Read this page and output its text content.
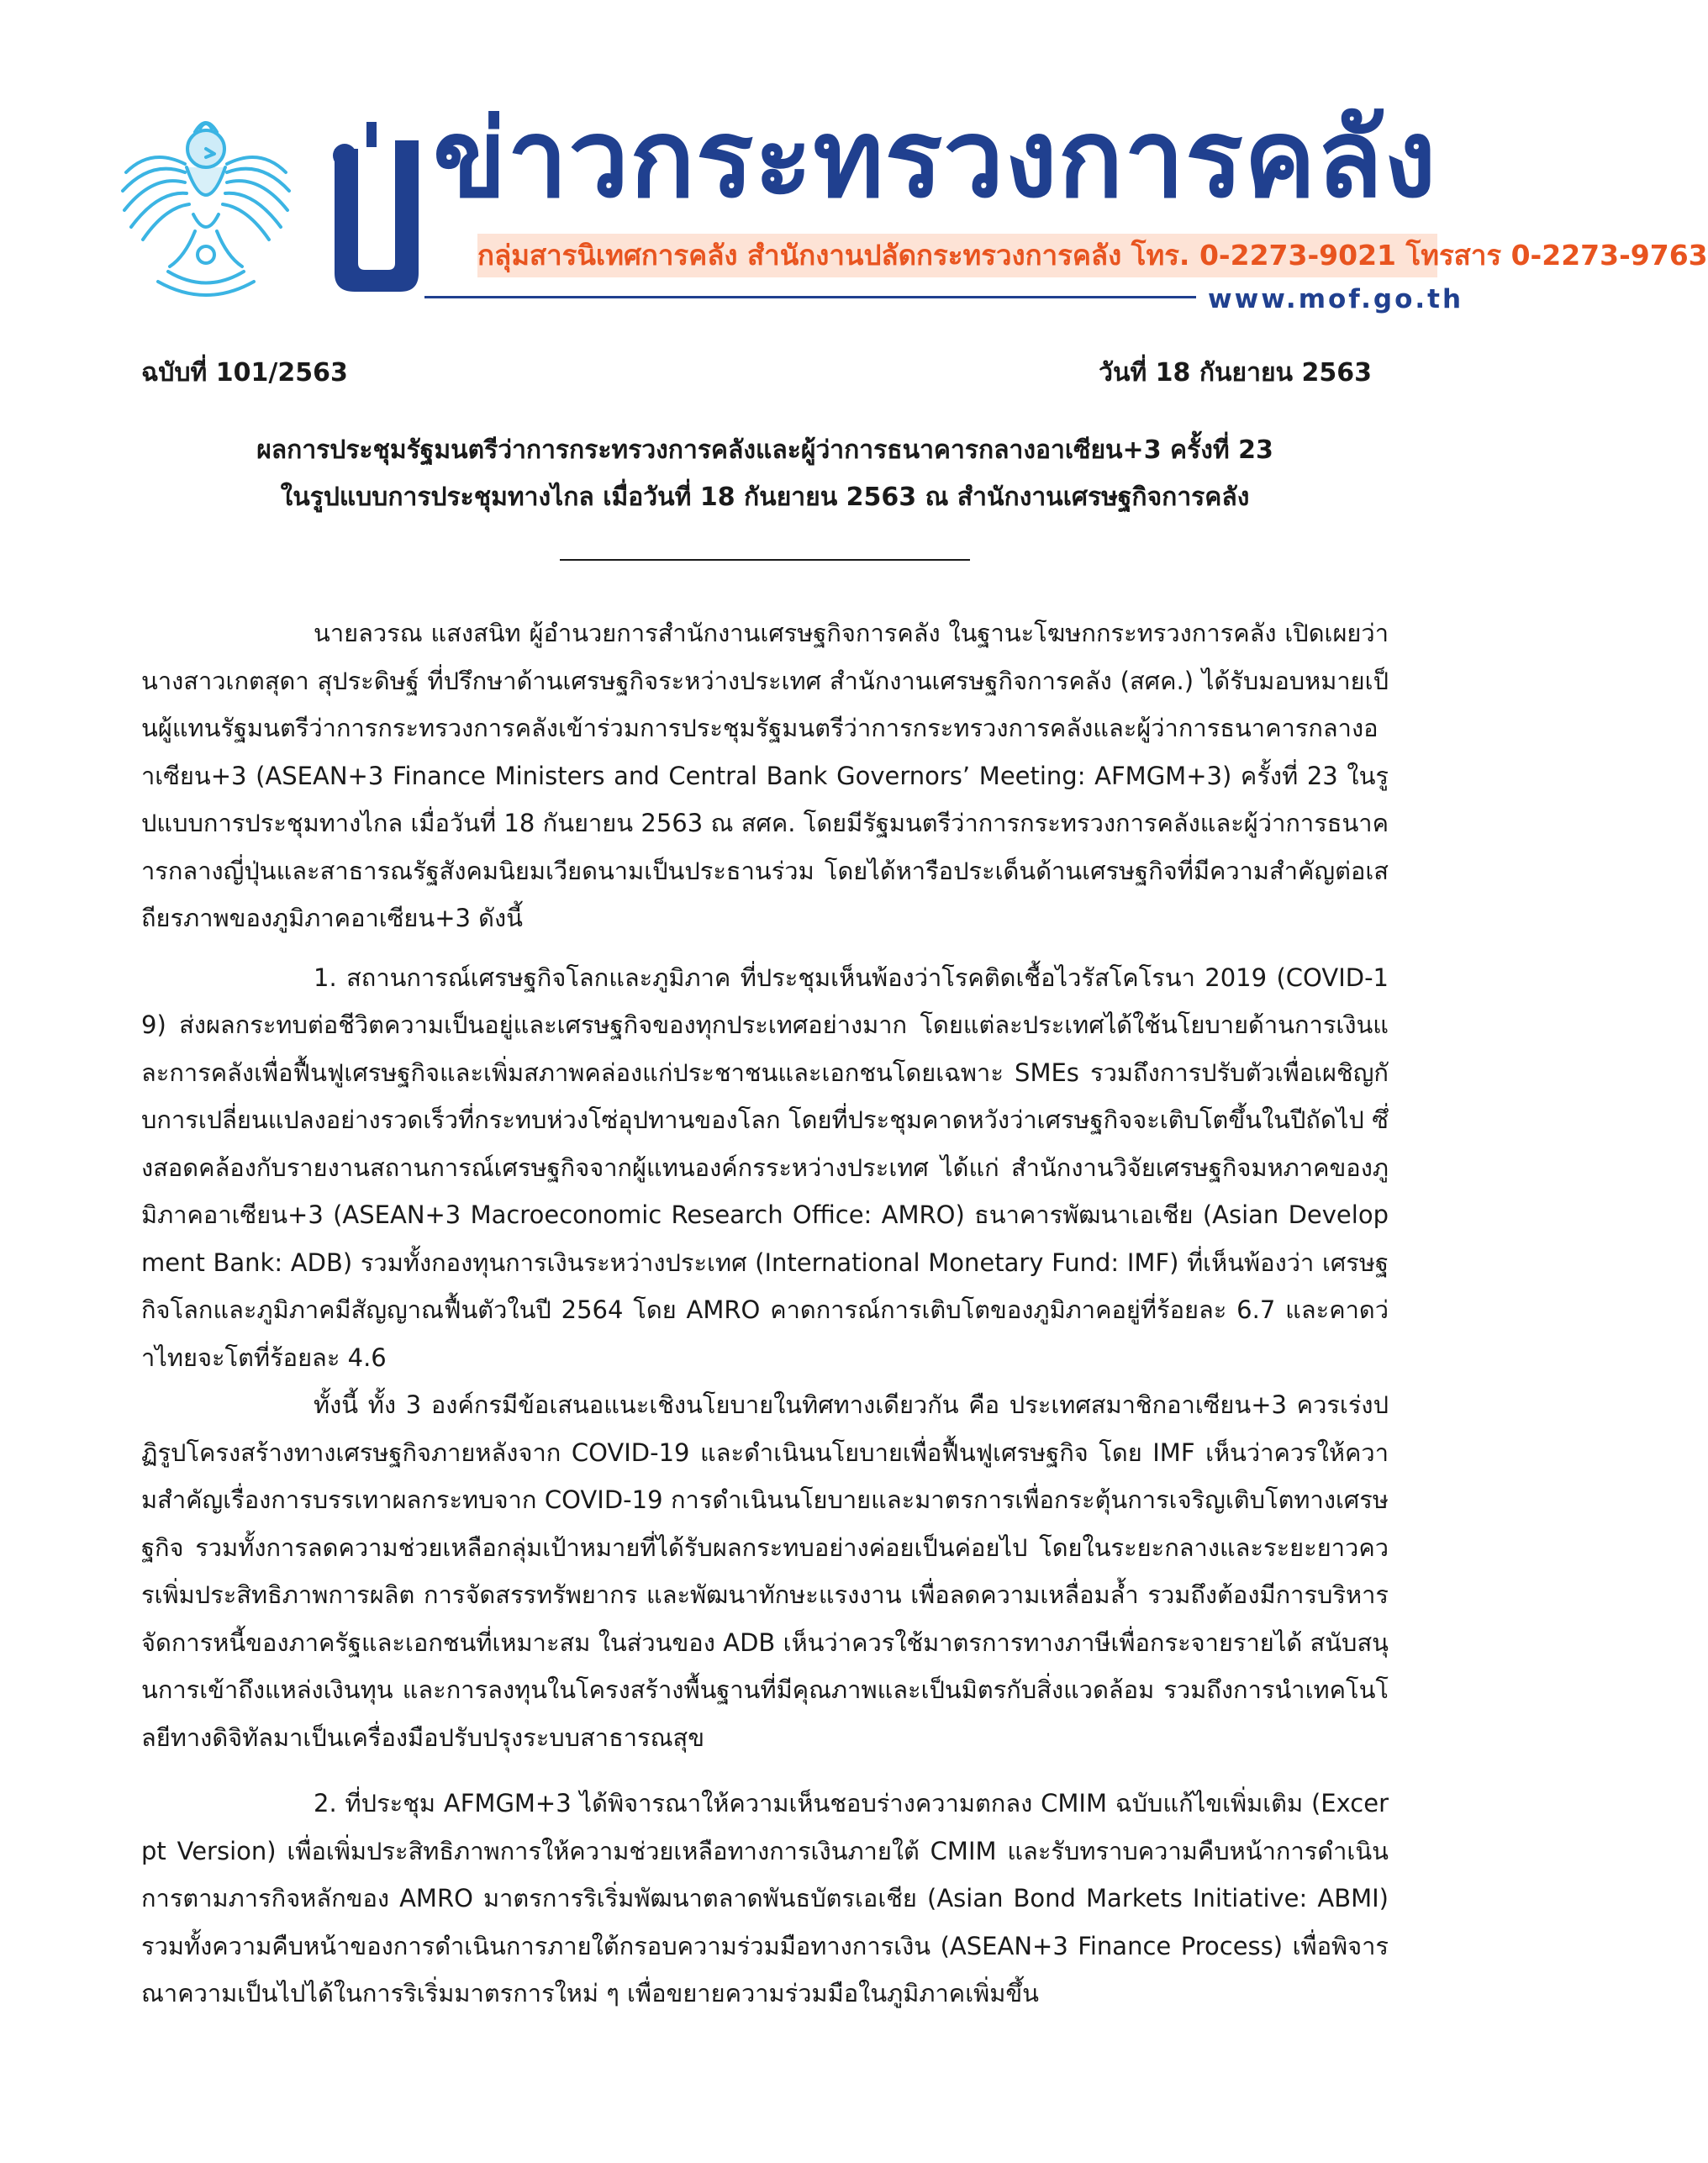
ข่าวกระทรวงการคลัง
กลุ่มสารนิเทศการคลัง สำนักงานปลัดกระทรวงการคลัง โทร. 0-2273-9021 โทรสาร 0-2273-9763
www.mof.go.th
ฉบับที่ 101/2563	วันที่ 18 กันยายน 2563
ผลการประชุมรัฐมนตรีว่าการกระทรวงการคลังและผู้ว่าการธนาคารกลางอาเซียน+3 ครั้งที่ 23
ในรูปแบบการประชุมทางไกล เมื่อวันที่ 18 กันยายน 2563 ณ สำนักงานเศรษฐกิจการคลัง

นายลวรณ แสงสนิท ผู้อำนวยการสำนักงานเศรษฐกิจการคลัง ในฐานะโฆษกกระทรวงการคลัง เปิดเผยว่า นางสาวเกตสุดา สุประดิษฐ์ ที่ปรึกษาด้านเศรษฐกิจระหว่างประเทศ สำนักงานเศรษฐกิจการคลัง (สศค.) ได้รับมอบหมายเป็นผู้แทนรัฐมนตรีว่าการกระทรวงการคลังเข้าร่วมการประชุมรัฐมนตรีว่าการกระทรวงการคลังและผู้ว่าการธนาคารกลางอาเซียน+3 (ASEAN+3 Finance Ministers and Central Bank Governors’ Meeting: AFMGM+3) ครั้งที่ 23 ในรูปแบบการประชุมทางไกล เมื่อวันที่ 18 กันยายน 2563 ณ สศค. โดยมีรัฐมนตรีว่าการกระทรวงการคลังและผู้ว่าการธนาคารกลางญี่ปุ่นและสาธารณรัฐสังคมนิยมเวียดนามเป็นประธานร่วม โดยได้หารือประเด็นด้านเศรษฐกิจที่มีความสำคัญต่อเสถียรภาพของภูมิภาคอาเซียน+3 ดังนี้

1. สถานการณ์เศรษฐกิจโลกและภูมิภาค ที่ประชุมเห็นพ้องว่าโรคติดเชื้อไวรัสโคโรนา 2019 (COVID-19) ส่งผลกระทบต่อชีวิตความเป็นอยู่และเศรษฐกิจของทุกประเทศอย่างมาก โดยแต่ละประเทศได้ใช้นโยบายด้านการเงินและการคลังเพื่อฟื้นฟูเศรษฐกิจและเพิ่มสภาพคล่องแก่ประชาชนและเอกชนโดยเฉพาะ SMEs รวมถึงการปรับตัวเพื่อเผชิญกับการเปลี่ยนแปลงอย่างรวดเร็วที่กระทบห่วงโซ่อุปทานของโลก โดยที่ประชุมคาดหวังว่าเศรษฐกิจจะเติบโตขึ้นในปีถัดไป ซึ่งสอดคล้องกับรายงานสถานการณ์เศรษฐกิจจากผู้แทนองค์กรระหว่างประเทศ ได้แก่ สำนักงานวิจัยเศรษฐกิจมหภาคของภูมิภาคอาเซียน+3 (ASEAN+3 Macroeconomic Research Office: AMRO) ธนาคารพัฒนาเอเชีย (Asian Development Bank: ADB) รวมทั้งกองทุนการเงินระหว่างประเทศ (International Monetary Fund: IMF) ที่เห็นพ้องว่า เศรษฐกิจโลกและภูมิภาคมีสัญญาณฟื้นตัวในปี 2564 โดย AMRO คาดการณ์การเติบโตของภูมิภาคอยู่ที่ร้อยละ 6.7 และคาดว่าไทยจะโตที่ร้อยละ 4.6

ทั้งนี้ ทั้ง 3 องค์กรมีข้อเสนอแนะเชิงนโยบายในทิศทางเดียวกัน คือ ประเทศสมาชิกอาเซียน+3 ควรเร่งปฏิรูปโครงสร้างทางเศรษฐกิจภายหลังจาก COVID-19 และดำเนินนโยบายเพื่อฟื้นฟูเศรษฐกิจ โดย IMF เห็นว่าควรให้ความสำคัญเรื่องการบรรเทาผลกระทบจาก COVID-19 การดำเนินนโยบายและมาตรการเพื่อกระตุ้นการเจริญเติบโตทางเศรษฐกิจ รวมทั้งการลดความช่วยเหลือกลุ่มเป้าหมายที่ได้รับผลกระทบอย่างค่อยเป็นค่อยไป โดยในระยะกลางและระยะยาวควรเพิ่มประสิทธิภาพการผลิต การจัดสรรทรัพยากร และพัฒนาทักษะแรงงาน เพื่อลดความเหลื่อมล้ำ รวมถึงต้องมีการบริหารจัดการหนี้ของภาครัฐและเอกชนที่เหมาะสม ในส่วนของ ADB เห็นว่าควรใช้มาตรการทางภาษีเพื่อกระจายรายได้ สนับสนุนการเข้าถึงแหล่งเงินทุน และการลงทุนในโครงสร้างพื้นฐานที่มีคุณภาพและเป็นมิตรกับสิ่งแวดล้อม รวมถึงการนำเทคโนโลยีทางดิจิทัลมาเป็นเครื่องมือปรับปรุงระบบสาธารณสุข

2. ที่ประชุม AFMGM+3 ได้พิจารณาให้ความเห็นชอบร่างความตกลง CMIM ฉบับแก้ไขเพิ่มเติม (Excerpt Version) เพื่อเพิ่มประสิทธิภาพการให้ความช่วยเหลือทางการเงินภายใต้ CMIM และรับทราบความคืบหน้าการดำเนินการตามภารกิจหลักของ AMRO มาตรการริเริ่มพัฒนาตลาดพันธบัตรเอเชีย (Asian Bond Markets Initiative: ABMI) รวมทั้งความคืบหน้าของการดำเนินการภายใต้กรอบความร่วมมือทางการเงิน (ASEAN+3 Finance Process) เพื่อพิจารณาความเป็นไปได้ในการริเริ่มมาตรการใหม่ ๆ เพื่อขยายความร่วมมือในภูมิภาคเพิ่มขึ้น
